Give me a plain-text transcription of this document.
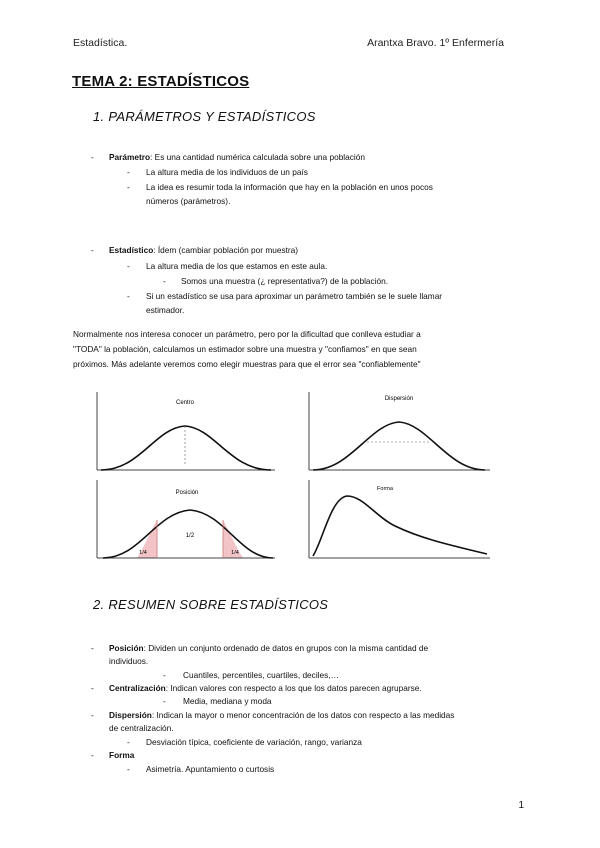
Estadística.	Arantxa Bravo. 1º Enfermería
TEMA 2: ESTADÍSTICOS
1. PARÁMETROS Y ESTADÍSTICOS
- Parámetro: Es una cantidad numérica calculada sobre una población
- La altura media de los individuos de un país
- La idea es resumir toda la información que hay en la población en unos pocos
números (parámetros).
- Estadístico: Ídem (cambiar población por muestra)
- La altura media de los que estamos en este aula.
- Somos una muestra (¿ representativa?) de la población.
- Si un estadístico se usa para aproximar un parámetro también se le suele llamar
estimador.
Normalmente nos interesa conocer un parámetro, pero por la dificultad que conlleva estudiar a
"TODA" la población, calculamos un estimador sobre una muestra y "confiamos" en que sean
próximos. Más adelante veremos como elegir muestras para que el error sea "confiablemente"
Centro
Dispersión
Posición
1/4
1/2
1/4
Forma
2. RESUMEN SOBRE ESTADÍSTICOS
- Posición: Dividen un conjunto ordenado de datos en grupos con la misma cantidad de
individuos.
- Cuantiles, percentiles, cuartiles, deciles,…
- Centralización: Indican valores con respecto a los que los datos parecen agruparse.
- Media, mediana y moda
- Dispersión: Indican la mayor o menor concentración de los datos con respecto a las medidas
de centralización.
- Desviación típica, coeficiente de variación, rango, varianza
- Forma
- Asimetría. Apuntamiento o curtosis
1
